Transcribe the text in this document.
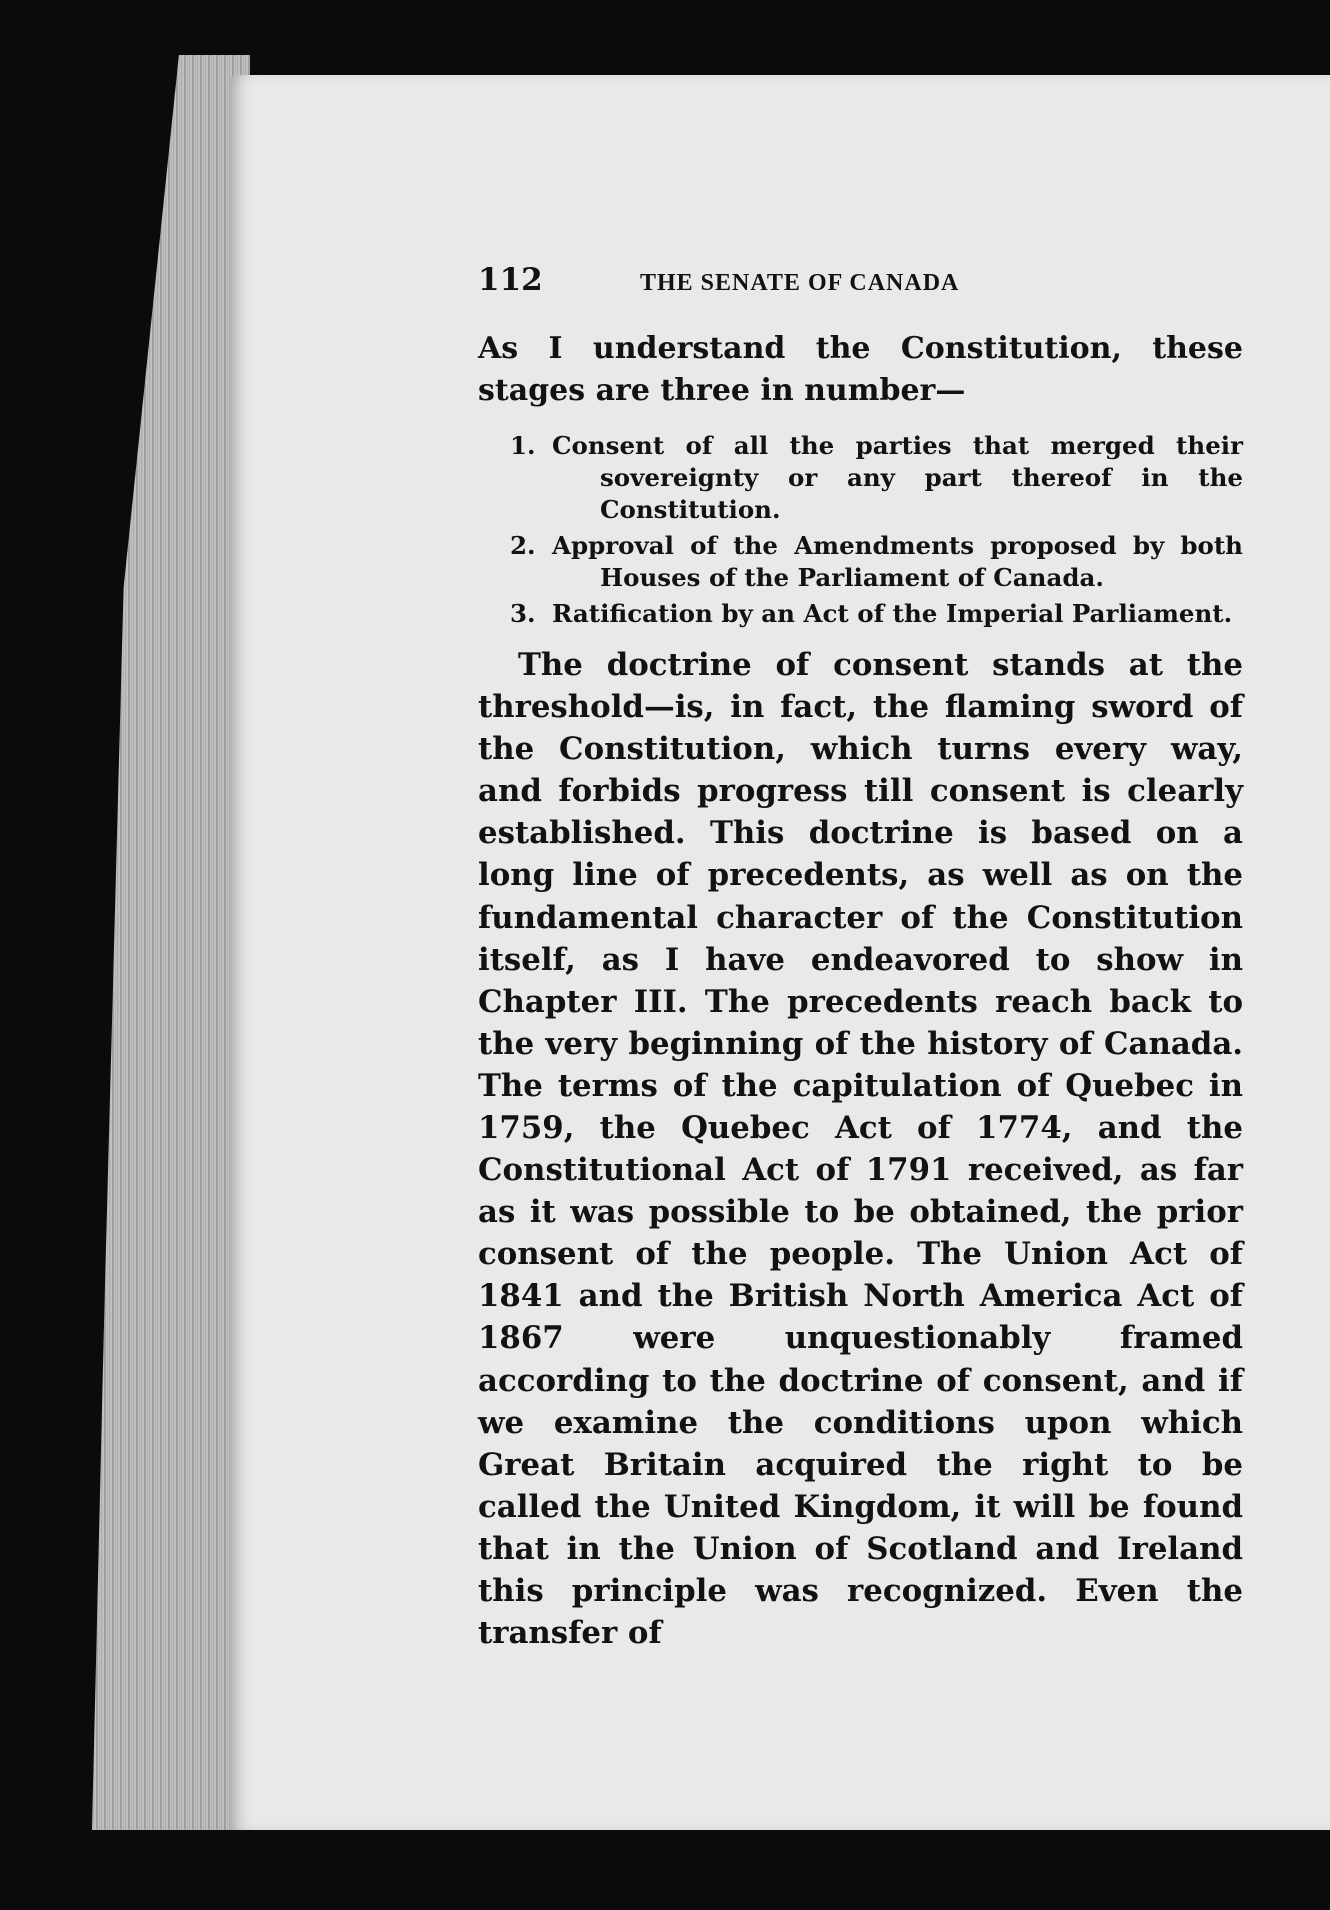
112	THE SENATE OF CANADA

As I understand the Constitution, these stages are three in number—

1. Consent of all the parties that merged their sovereignty or any part thereof in the Constitution.
2. Approval of the Amendments proposed by both Houses of the Parliament of Canada.
3. Ratification by an Act of the Imperial Parliament.

The doctrine of consent stands at the threshold—is, in fact, the flaming sword of the Constitution, which turns every way, and forbids progress till consent is clearly established. This doctrine is based on a long line of precedents, as well as on the fundamental character of the Constitution itself, as I have endeavored to show in Chapter III. The precedents reach back to the very beginning of the history of Canada. The terms of the capitulation of Quebec in 1759, the Quebec Act of 1774, and the Constitutional Act of 1791 received, as far as it was possible to be obtained, the prior consent of the people. The Union Act of 1841 and the British North America Act of 1867 were unquestionably framed according to the doctrine of consent, and if we examine the conditions upon which Great Britain acquired the right to be called the United Kingdom, it will be found that in the Union of Scotland and Ireland this principle was recognized. Even the transfer of
